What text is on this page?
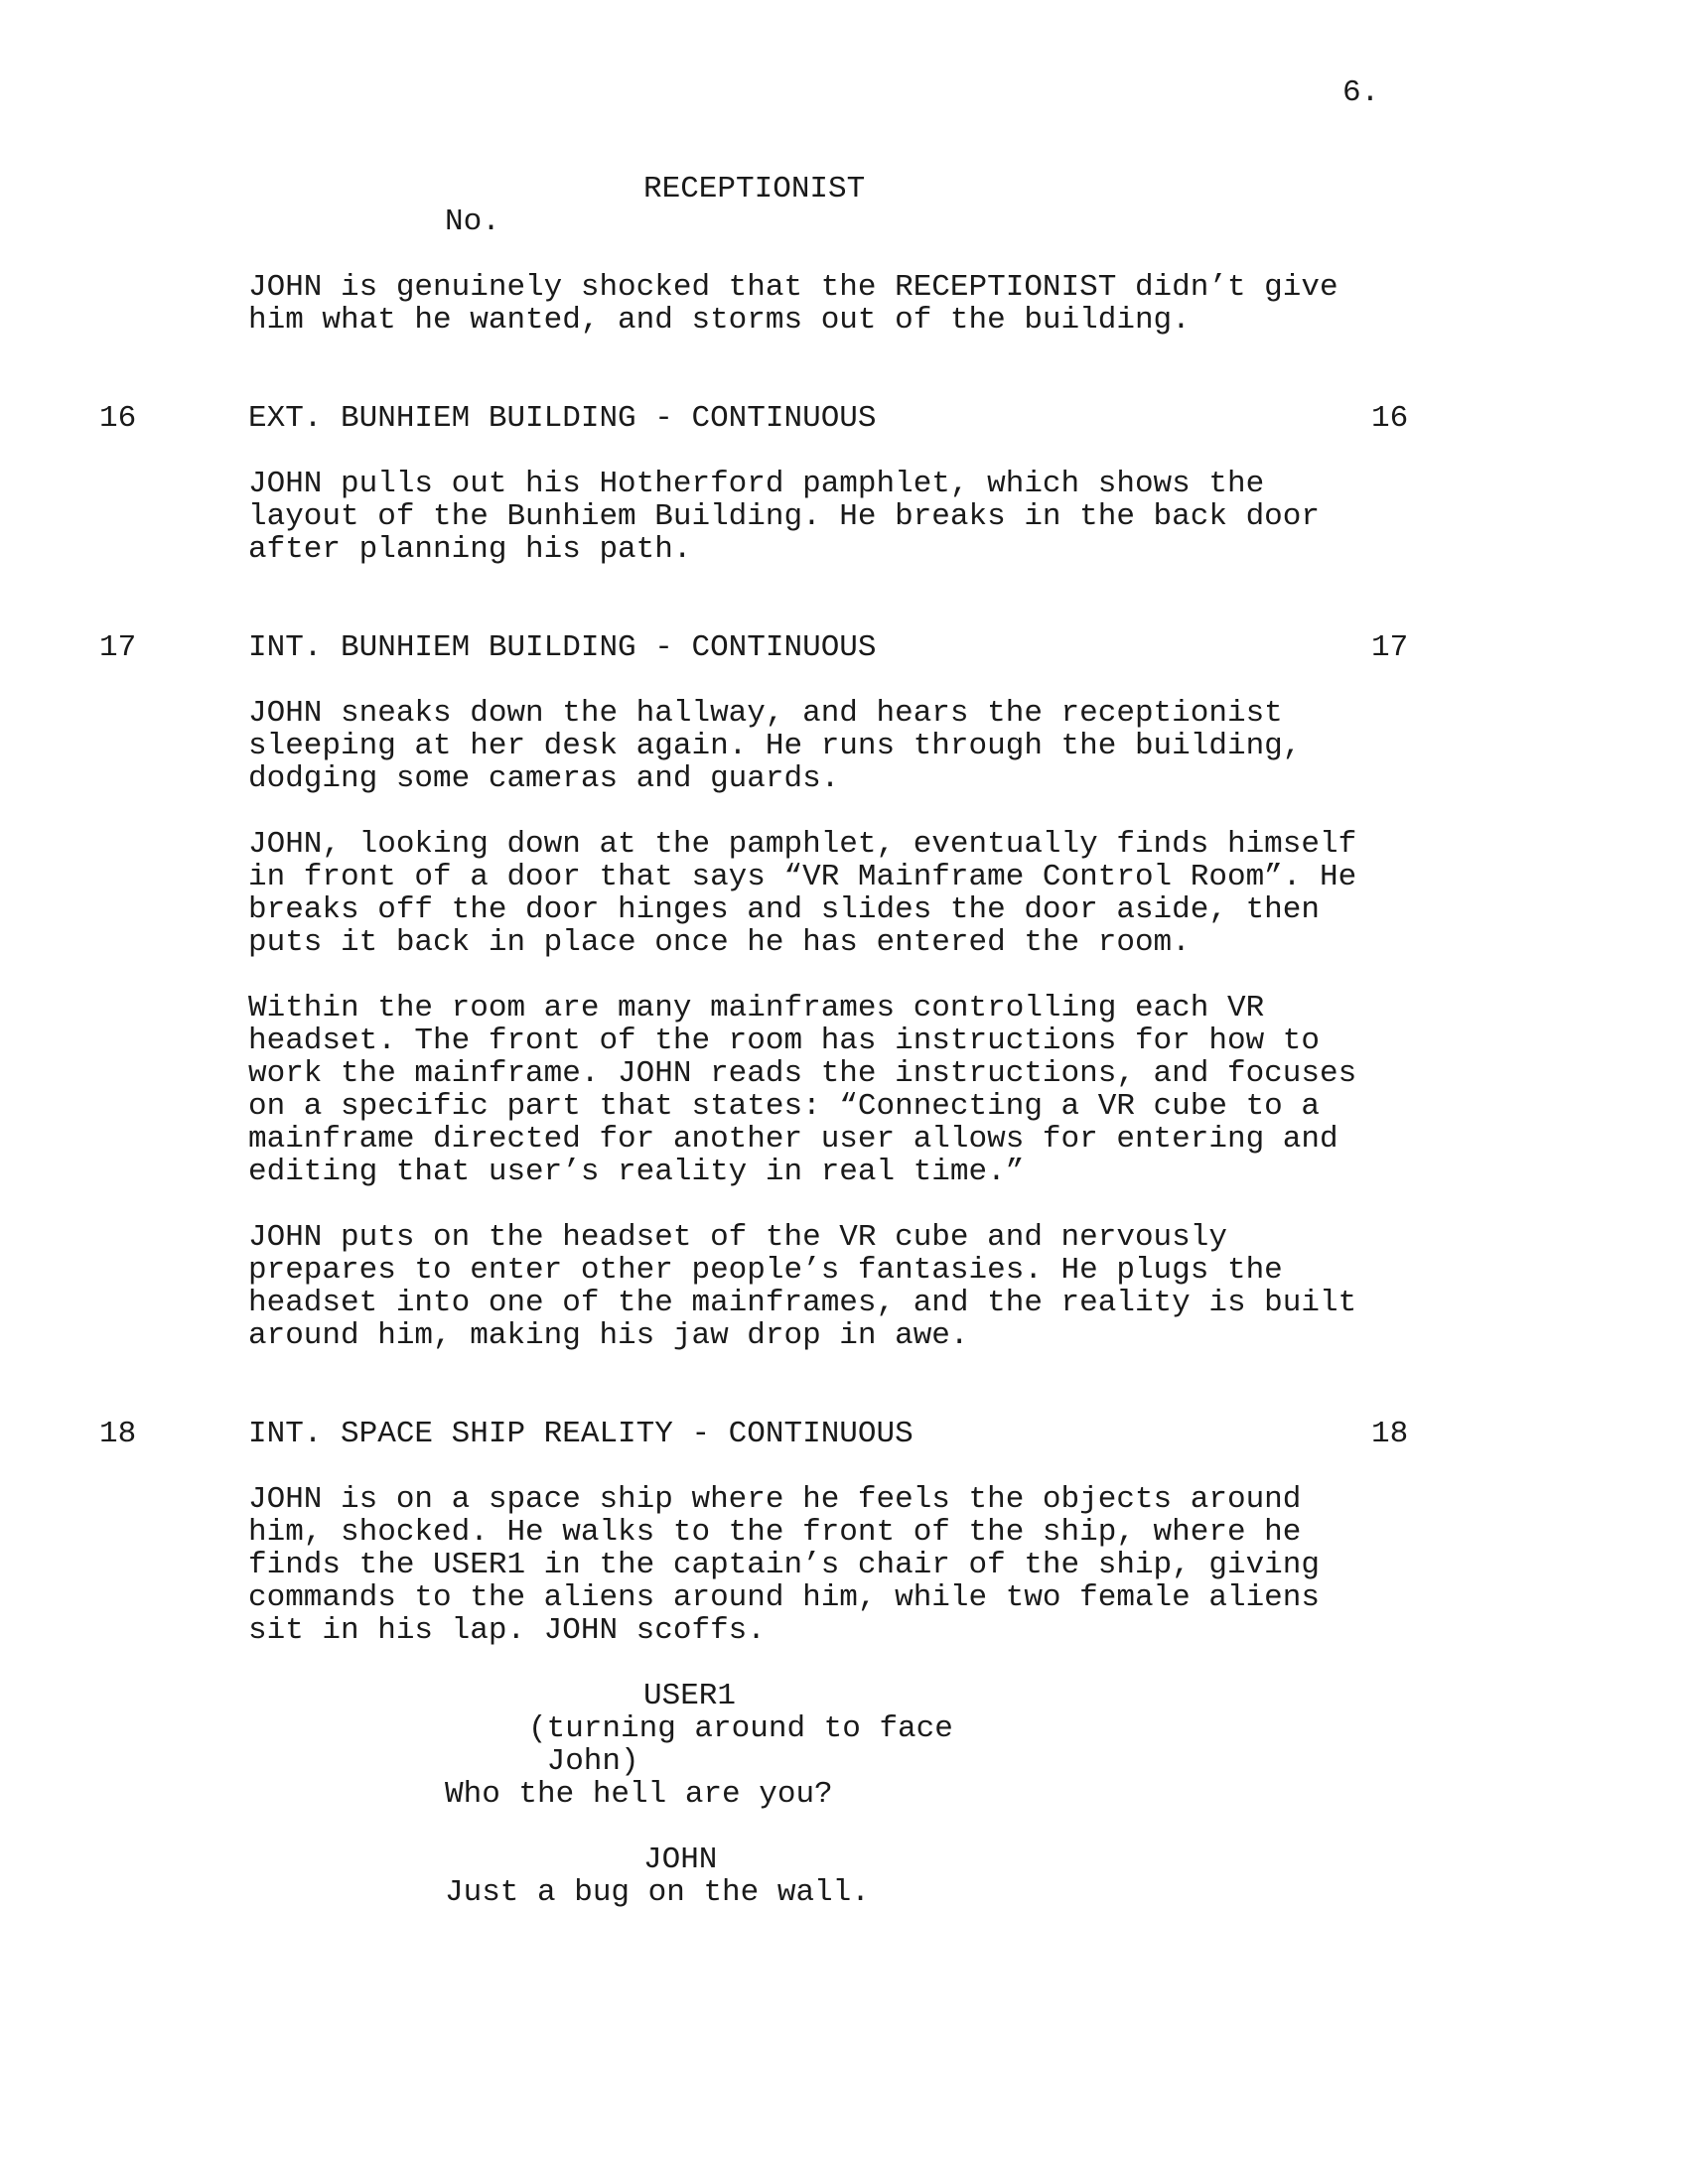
6.
RECEPTIONIST
No.
JOHN is genuinely shocked that the RECEPTIONIST didn’t give
him what he wanted, and storms out of the building.
16	EXT. BUNHIEM BUILDING - CONTINUOUS	16
JOHN pulls out his Hotherford pamphlet, which shows the
layout of the Bunhiem Building. He breaks in the back door
after planning his path.
17	INT. BUNHIEM BUILDING - CONTINUOUS	17
JOHN sneaks down the hallway, and hears the receptionist
sleeping at her desk again. He runs through the building,
dodging some cameras and guards.
JOHN, looking down at the pamphlet, eventually finds himself
in front of a door that says “VR Mainframe Control Room”. He
breaks off the door hinges and slides the door aside, then
puts it back in place once he has entered the room.
Within the room are many mainframes controlling each VR
headset. The front of the room has instructions for how to
work the mainframe. JOHN reads the instructions, and focuses
on a specific part that states: “Connecting a VR cube to a
mainframe directed for another user allows for entering and
editing that user’s reality in real time.”
JOHN puts on the headset of the VR cube and nervously
prepares to enter other people’s fantasies. He plugs the
headset into one of the mainframes, and the reality is built
around him, making his jaw drop in awe.
18	INT. SPACE SHIP REALITY - CONTINUOUS	18
JOHN is on a space ship where he feels the objects around
him, shocked. He walks to the front of the ship, where he
finds the USER1 in the captain’s chair of the ship, giving
commands to the aliens around him, while two female aliens
sit in his lap. JOHN scoffs.
USER1
(turning around to face
John)
Who the hell are you?
JOHN
Just a bug on the wall.
